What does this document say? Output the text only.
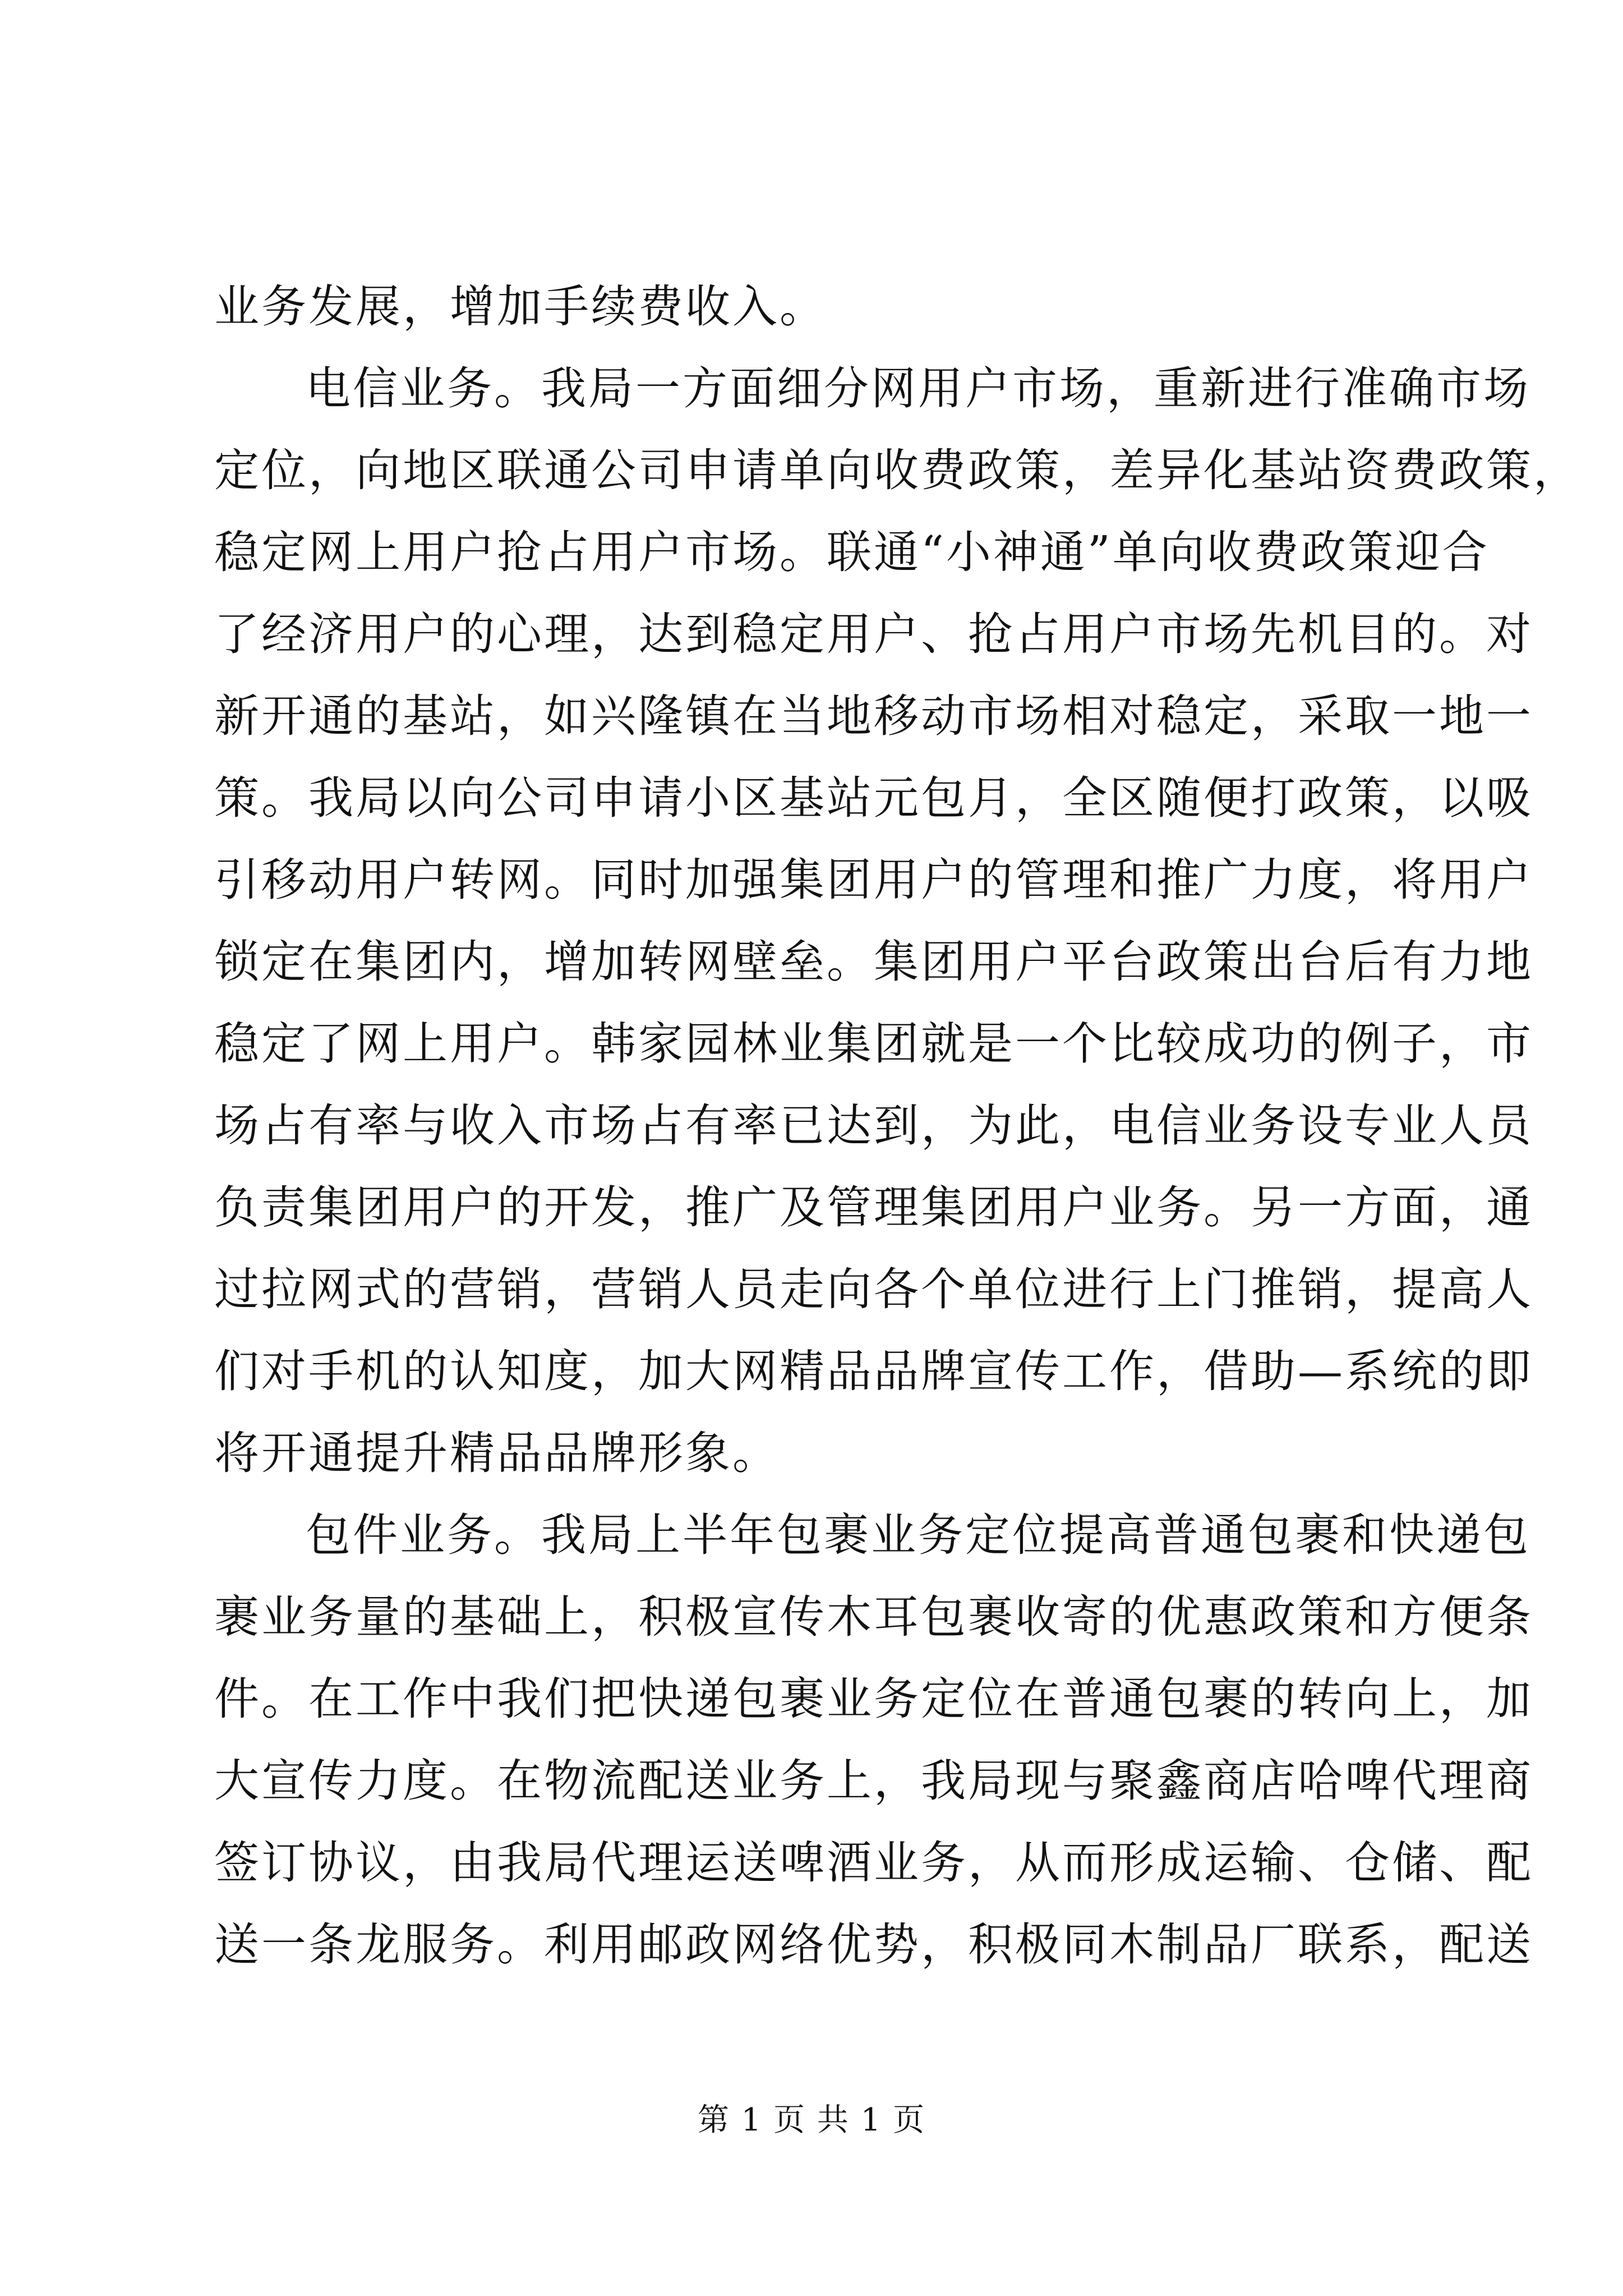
业务发展，增加手续费收入。
电信业务。我局一方面细分网用户市场，重新进行准确市场
定位，向地区联通公司申请单向收费政策，差异化基站资费政策，
稳定网上用户抢占用户市场。联通“小神通”单向收费政策迎合
了经济用户的心理，达到稳定用户、抢占用户市场先机目的。对
新开通的基站，如兴隆镇在当地移动市场相对稳定，采取一地一
策。我局以向公司申请小区基站元包月，全区随便打政策，以吸
引移动用户转网。同时加强集团用户的管理和推广力度，将用户
锁定在集团内，增加转网壁垒。集团用户平台政策出台后有力地
稳定了网上用户。韩家园林业集团就是一个比较成功的例子，市
场占有率与收入市场占有率已达到，为此，电信业务设专业人员
负责集团用户的开发，推广及管理集团用户业务。另一方面，通
过拉网式的营销，营销人员走向各个单位进行上门推销，提高人
们对手机的认知度，加大网精品品牌宣传工作，借助—系统的即
将开通提升精品品牌形象。
包件业务。我局上半年包裹业务定位提高普通包裹和快递包
裹业务量的基础上，积极宣传木耳包裹收寄的优惠政策和方便条
件。在工作中我们把快递包裹业务定位在普通包裹的转向上，加
大宣传力度。在物流配送业务上，我局现与聚鑫商店哈啤代理商
签订协议，由我局代理运送啤酒业务，从而形成运输、仓储、配
送一条龙服务。利用邮政网络优势，积极同木制品厂联系，配送
第 1 页 共 1 页
